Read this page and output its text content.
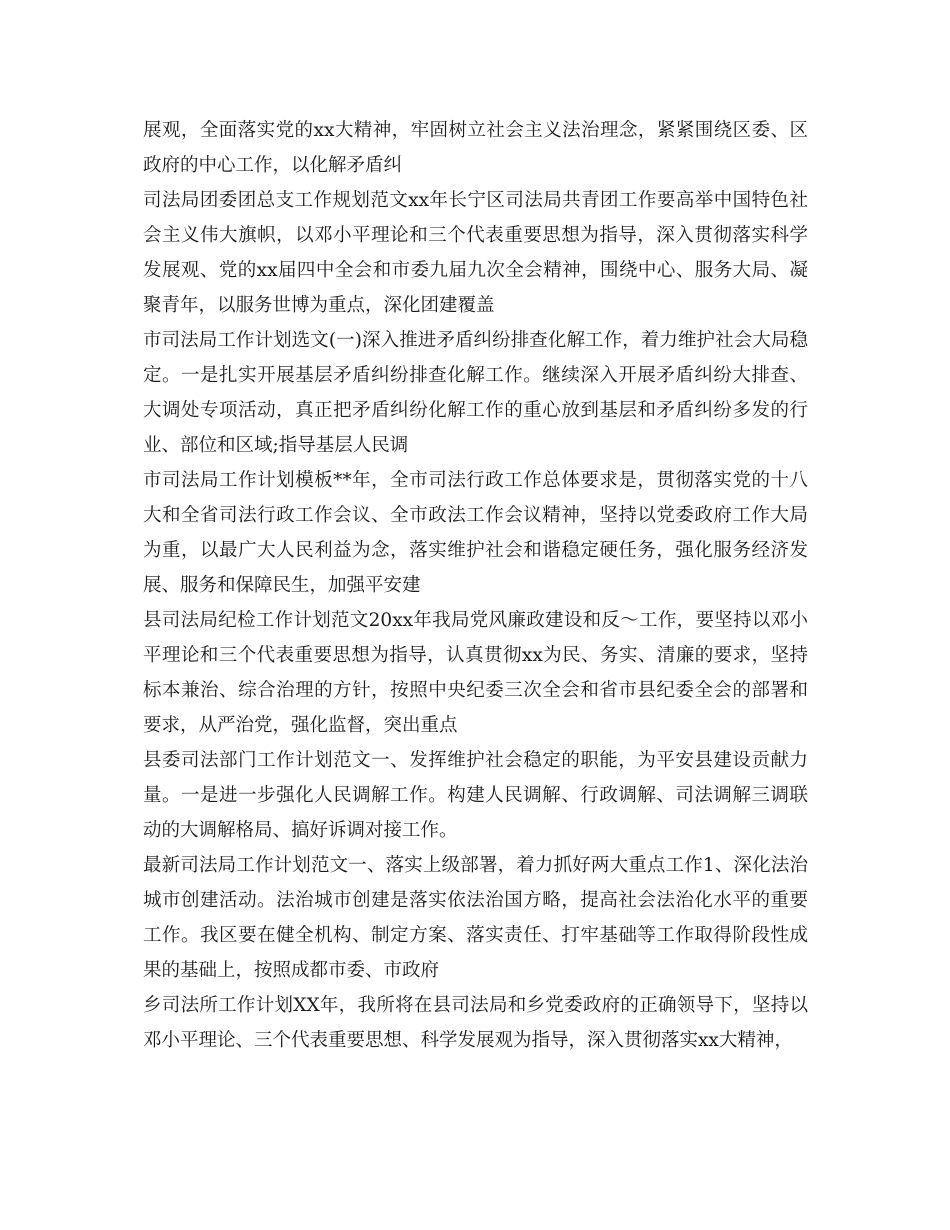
展观，全面落实党的xx大精神，牢固树立社会主义法治理念，紧紧围绕区委、区政府的中心工作，以化解矛盾纠

司法局团委团总支工作规划范文xx年长宁区司法局共青团工作要高举中国特色社会主义伟大旗帜，以邓小平理论和三个代表重要思想为指导，深入贯彻落实科学发展观、党的xx届四中全会和市委九届九次全会精神，围绕中心、服务大局、凝聚青年，以服务世博为重点，深化团建覆盖

市司法局工作计划选文(一)深入推进矛盾纠纷排查化解工作，着力维护社会大局稳定。一是扎实开展基层矛盾纠纷排查化解工作。继续深入开展矛盾纠纷大排查、大调处专项活动，真正把矛盾纠纷化解工作的重心放到基层和矛盾纠纷多发的行业、部位和区域;指导基层人民调

市司法局工作计划模板**年，全市司法行政工作总体要求是，贯彻落实党的十八大和全省司法行政工作会议、全市政法工作会议精神，坚持以党委政府工作大局为重，以最广大人民利益为念，落实维护社会和谐稳定硬任务，强化服务经济发展、服务和保障民生，加强平安建

县司法局纪检工作计划范文20xx年我局党风廉政建设和反～工作，要坚持以邓小平理论和三个代表重要思想为指导，认真贯彻xx为民、务实、清廉的要求，坚持标本兼治、综合治理的方针，按照中央纪委三次全会和省市县纪委全会的部署和要求，从严治党，强化监督，突出重点

县委司法部门工作计划范文一、发挥维护社会稳定的职能，为平安县建设贡献力量。一是进一步强化人民调解工作。构建人民调解、行政调解、司法调解三调联动的大调解格局、搞好诉调对接工作。

最新司法局工作计划范文一、落实上级部署，着力抓好两大重点工作1、深化法治城市创建活动。法治城市创建是落实依法治国方略，提高社会法治化水平的重要工作。我区要在健全机构、制定方案、落实责任、打牢基础等工作取得阶段性成果的基础上，按照成都市委、市政府

乡司法所工作计划XX年，我所将在县司法局和乡党委政府的正确领导下，坚持以邓小平理论、三个代表重要思想、科学发展观为指导，深入贯彻落实xx大精神，
